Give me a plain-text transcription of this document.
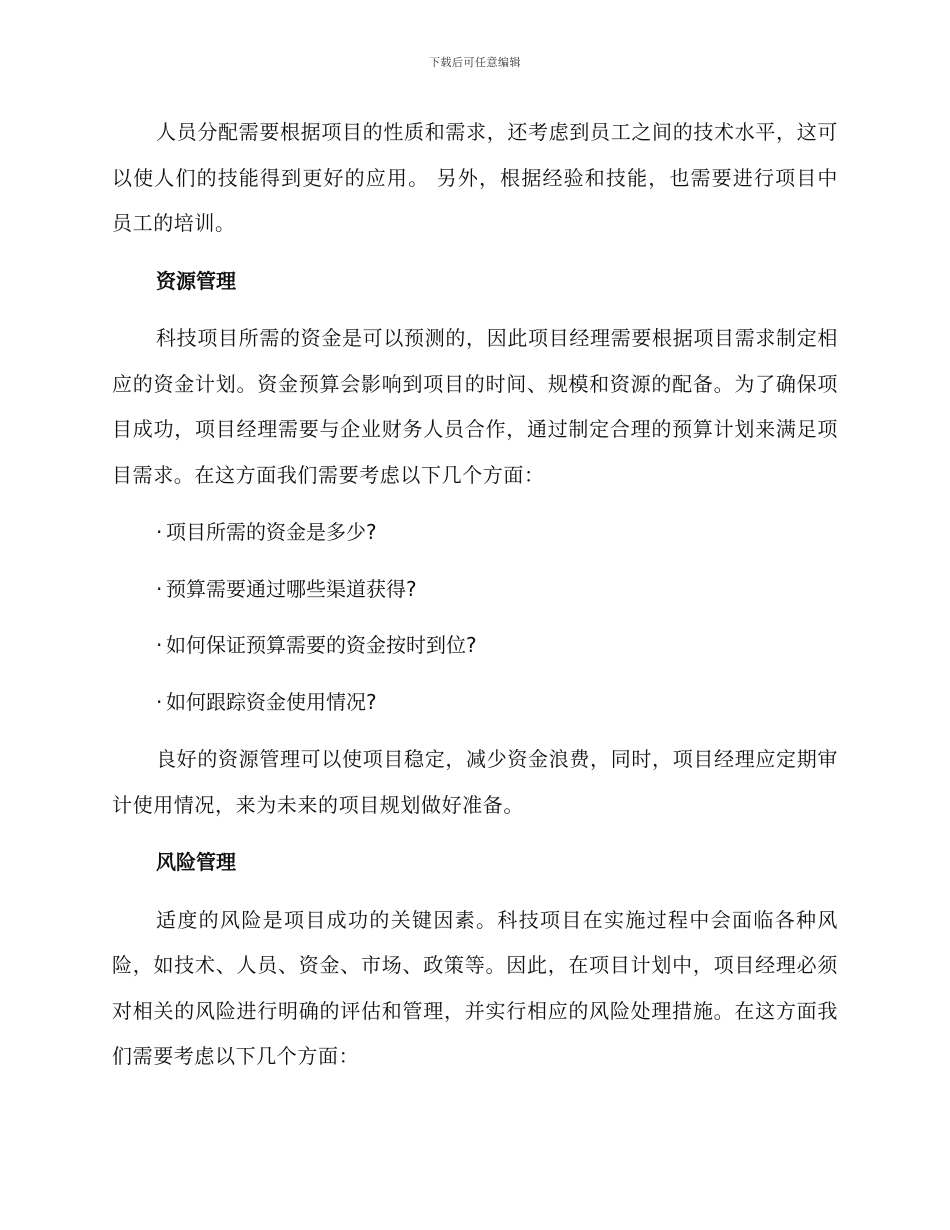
下载后可任意编辑

人员分配需要根据项目的性质和需求，还考虑到员工之间的技术水平，这可以使人们的技能得到更好的应用。 另外，根据经验和技能，也需要进行项目中员工的培训。

资源管理

科技项目所需的资金是可以预测的，因此项目经理需要根据项目需求制定相应的资金计划。资金预算会影响到项目的时间、规模和资源的配备。为了确保项目成功，项目经理需要与企业财务人员合作，通过制定合理的预算计划来满足项目需求。在这方面我们需要考虑以下几个方面：

· 项目所需的资金是多少?
· 预算需要通过哪些渠道获得?
· 如何保证预算需要的资金按时到位?
· 如何跟踪资金使用情况?

良好的资源管理可以使项目稳定，减少资金浪费，同时，项目经理应定期审计使用情况，来为未来的项目规划做好准备。

风险管理

适度的风险是项目成功的关键因素。科技项目在实施过程中会面临各种风险，如技术、人员、资金、市场、政策等。因此，在项目计划中，项目经理必须对相关的风险进行明确的评估和管理，并实行相应的风险处理措施。在这方面我们需要考虑以下几个方面：
